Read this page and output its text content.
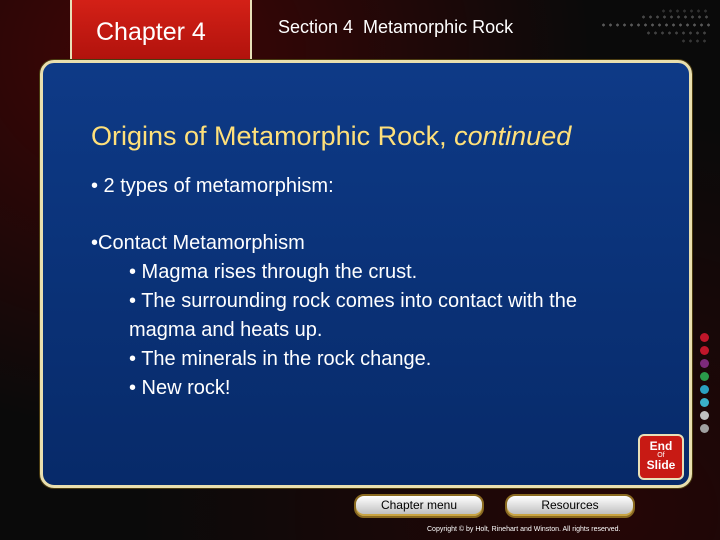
Chapter 4	Section 4  Metamorphic Rock
Origins of Metamorphic Rock, continued
• 2 types of metamorphism:
•Contact Metamorphism
• Magma rises through the crust.
• The surrounding rock comes into contact with the
magma and heats up.
• The minerals in the rock change.
• New rock!
End
Of
Slide
Chapter menu	Resources
Copyright © by Holt, Rinehart and Winston. All rights reserved.
